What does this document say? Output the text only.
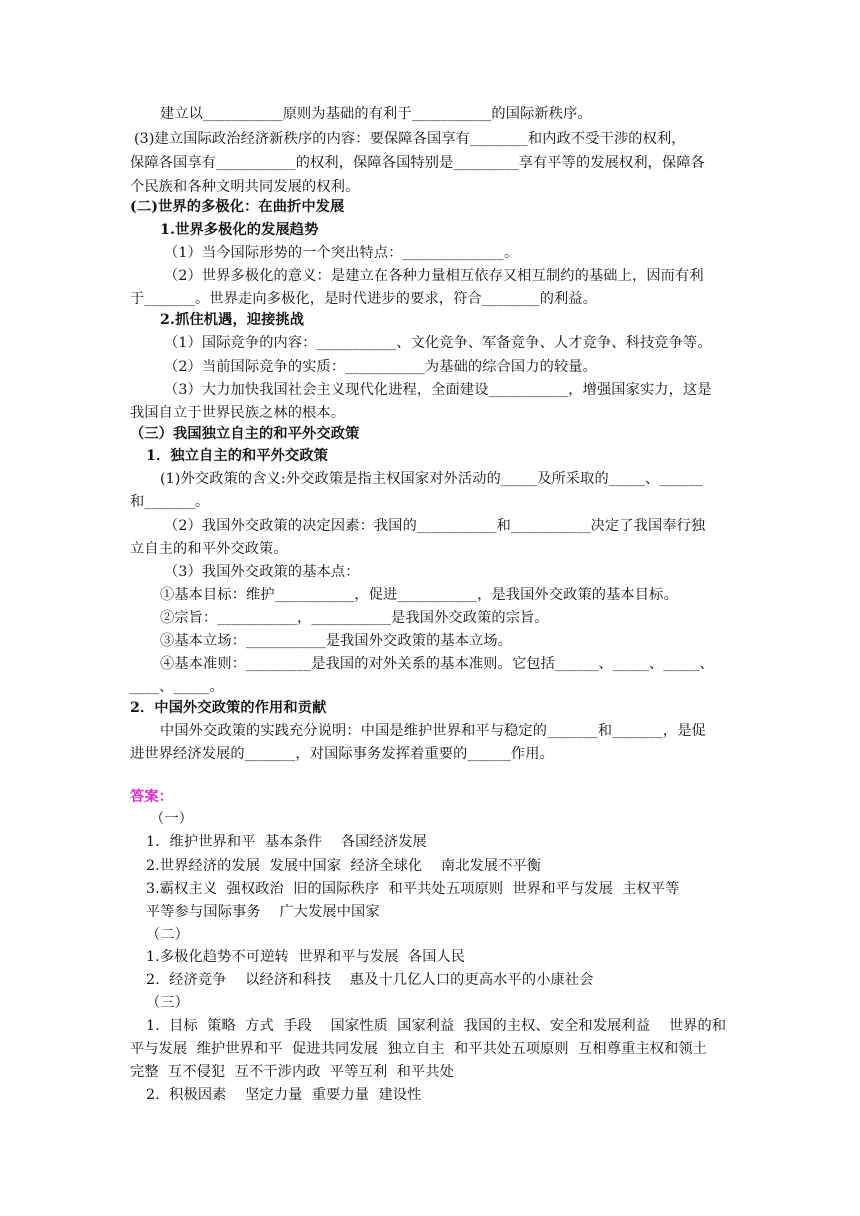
建立以___________原则为基础的有利于___________的国际新秩序。
(3)建立国际政治经济新秩序的内容：要保障各国享有________和内政不受干涉的权利，
保障各国享有___________的权利，保障各国特别是_________享有平等的发展权利，保障各
个民族和各种文明共同发展的权利。
(二)世界的多极化：在曲折中发展
1.世界多极化的发展趋势
（1）当今国际形势的一个突出特点：______________。
（2）世界多极化的意义：是建立在各种力量相互依存又相互制约的基础上，因而有利
于_______。世界走向多极化，是时代进步的要求，符合________的利益。
2.抓住机遇，迎接挑战
（1）国际竞争的内容：___________、文化竞争、军备竞争、人才竞争、科技竞争等。
（2）当前国际竞争的实质：___________为基础的综合国力的较量。
（3）大力加快我国社会主义现代化进程，全面建设___________，增强国家实力，这是
我国自立于世界民族之林的根本。
（三）我国独立自主的和平外交政策
1．独立自主的和平外交政策
(1)外交政策的含义:外交政策是指主权国家对外活动的_____及所采取的_____、______
和_______。
（2）我国外交政策的决定因素：我国的___________和___________决定了我国奉行独
立自主的和平外交政策。
（3）我国外交政策的基本点：
①基本目标：维护___________，促进___________，是我国外交政策的基本目标。
②宗旨：___________，___________是我国外交政策的宗旨。
③基本立场：___________是我国外交政策的基本立场。
④基本准则：_________是我国的对外关系的基本准则。它包括______、_____、_____、
____、_____。
2．中国外交政策的作用和贡献
中国外交政策的实践充分说明：中国是维护世界和平与稳定的_______和_______，是促
进世界经济发展的_______，对国际事务发挥着重要的______作用。
答案：
（一）
1．维护世界和平  基本条件    各国经济发展
2.世界经济的发展  发展中国家  经济全球化    南北发展不平衡
3.霸权主义  强权政治  旧的国际秩序  和平共处五项原则  世界和平与发展  主权平等
平等参与国际事务    广大发展中国家
（二）
1.多极化趋势不可逆转  世界和平与发展  各国人民
2.  经济竞争    以经济和科技    惠及十几亿人口的更高水平的小康社会
（三）
1.  目标  策略  方式  手段    国家性质  国家利益  我国的主权、安全和发展利益    世界的和
平与发展  维护世界和平  促进共同发展  独立自主  和平共处五项原则  互相尊重主权和领土
完整  互不侵犯  互不干涉内政  平等互利  和平共处
2.  积极因素    坚定力量  重要力量  建设性
